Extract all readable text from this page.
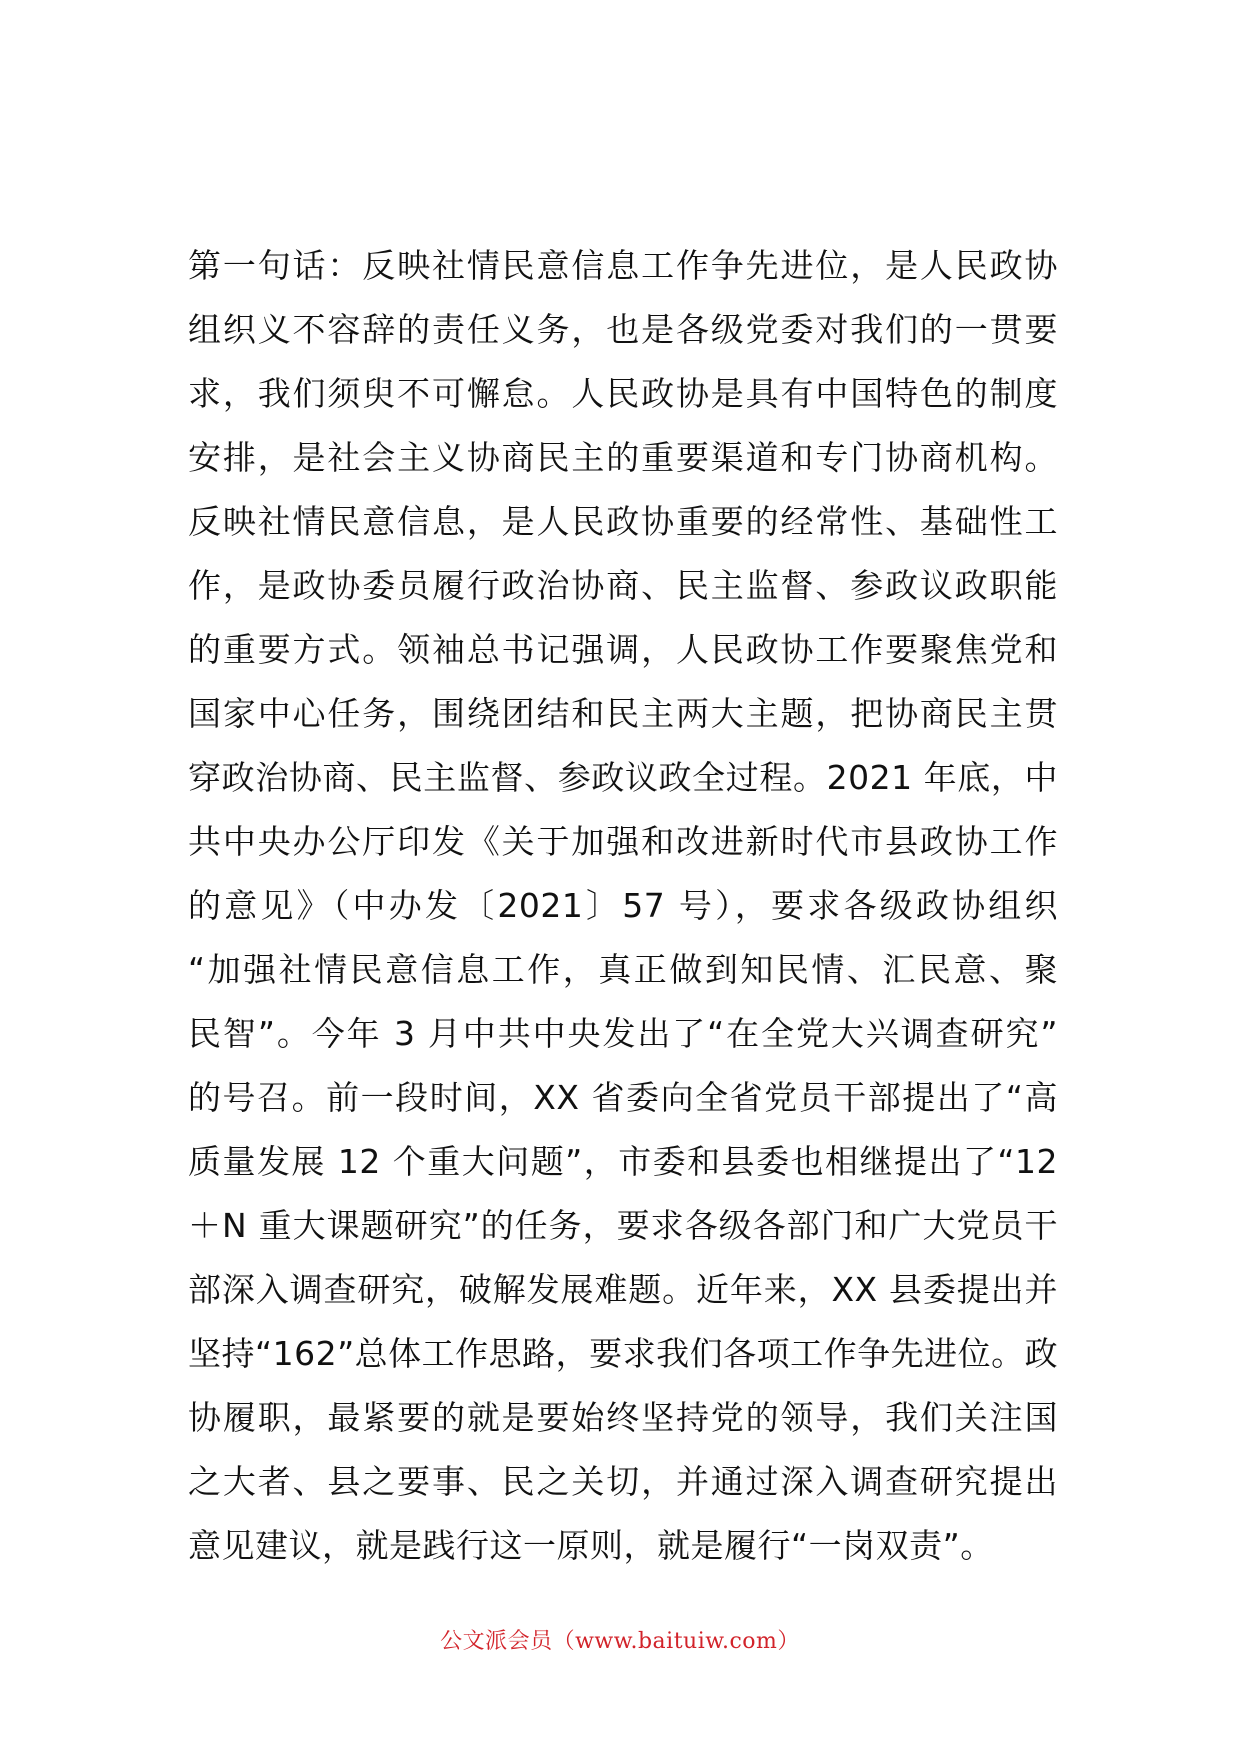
第一句话：反映社情民意信息工作争先进位，是人民政协
组织义不容辞的责任义务，也是各级党委对我们的一贯要
求，我们须臾不可懈怠。人民政协是具有中国特色的制度
安排，是社会主义协商民主的重要渠道和专门协商机构。
反映社情民意信息，是人民政协重要的经常性、基础性工
作，是政协委员履行政治协商、民主监督、参政议政职能
的重要方式。领袖总书记强调，人民政协工作要聚焦党和
国家中心任务，围绕团结和民主两大主题，把协商民主贯
穿政治协商、民主监督、参政议政全过程。2021 年底，中
共中央办公厅印发《关于加强和改进新时代市县政协工作
的意见》（中办发〔2021〕57 号），要求各级政协组织
“加强社情民意信息工作，真正做到知民情、汇民意、聚
民智”。今年 3 月中共中央发出了“在全党大兴调查研究”
的号召。前一段时间，XX 省委向全省党员干部提出了“高
质量发展 12 个重大问题”，市委和县委也相继提出了“12
＋N 重大课题研究”的任务，要求各级各部门和广大党员干
部深入调查研究，破解发展难题。近年来，XX 县委提出并
坚持“162”总体工作思路，要求我们各项工作争先进位。政
协履职，最紧要的就是要始终坚持党的领导，我们关注国
之大者、县之要事、民之关切，并通过深入调查研究提出
意见建议，就是践行这一原则，就是履行“一岗双责”。
公文派会员（www.baituiw.com）
